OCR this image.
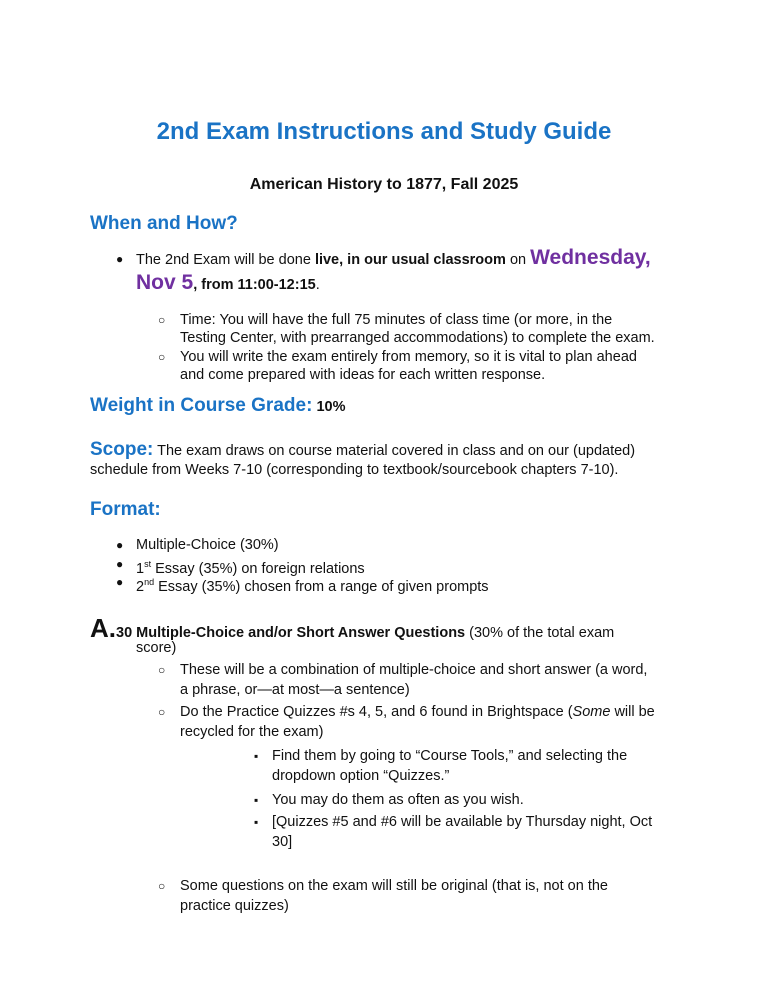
2nd Exam Instructions and Study Guide
American History to 1877, Fall 2025
When and How?
● The 2nd Exam will be done live, in our usual classroom on Wednesday,
Nov 5, from 11:00-12:15.
○ Time: You will have the full 75 minutes of class time (or more, in the
Testing Center, with prearranged accommodations) to complete the exam.
○ You will write the exam entirely from memory, so it is vital to plan ahead
and come prepared with ideas for each written response.
Weight in Course Grade: 10%
Scope: The exam draws on course material covered in class and on our (updated)
schedule from Weeks 7-10 (corresponding to textbook/sourcebook chapters 7-10).
Format:
● Multiple-Choice (30%)
● 1st Essay (35%) on foreign relations
● 2nd Essay (35%) chosen from a range of given prompts
A.30 Multiple-Choice and/or Short Answer Questions (30% of the total exam
score)
○ These will be a combination of multiple-choice and short answer (a word,
a phrase, or—at most—a sentence)
○ Do the Practice Quizzes #s 4, 5, and 6 found in Brightspace (Some will be
recycled for the exam)
▪ Find them by going to “Course Tools,” and selecting the
dropdown option “Quizzes.”
▪ You may do them as often as you wish.
▪ [Quizzes #5 and #6 will be available by Thursday night, Oct
30]
○ Some questions on the exam will still be original (that is, not on the
practice quizzes)
